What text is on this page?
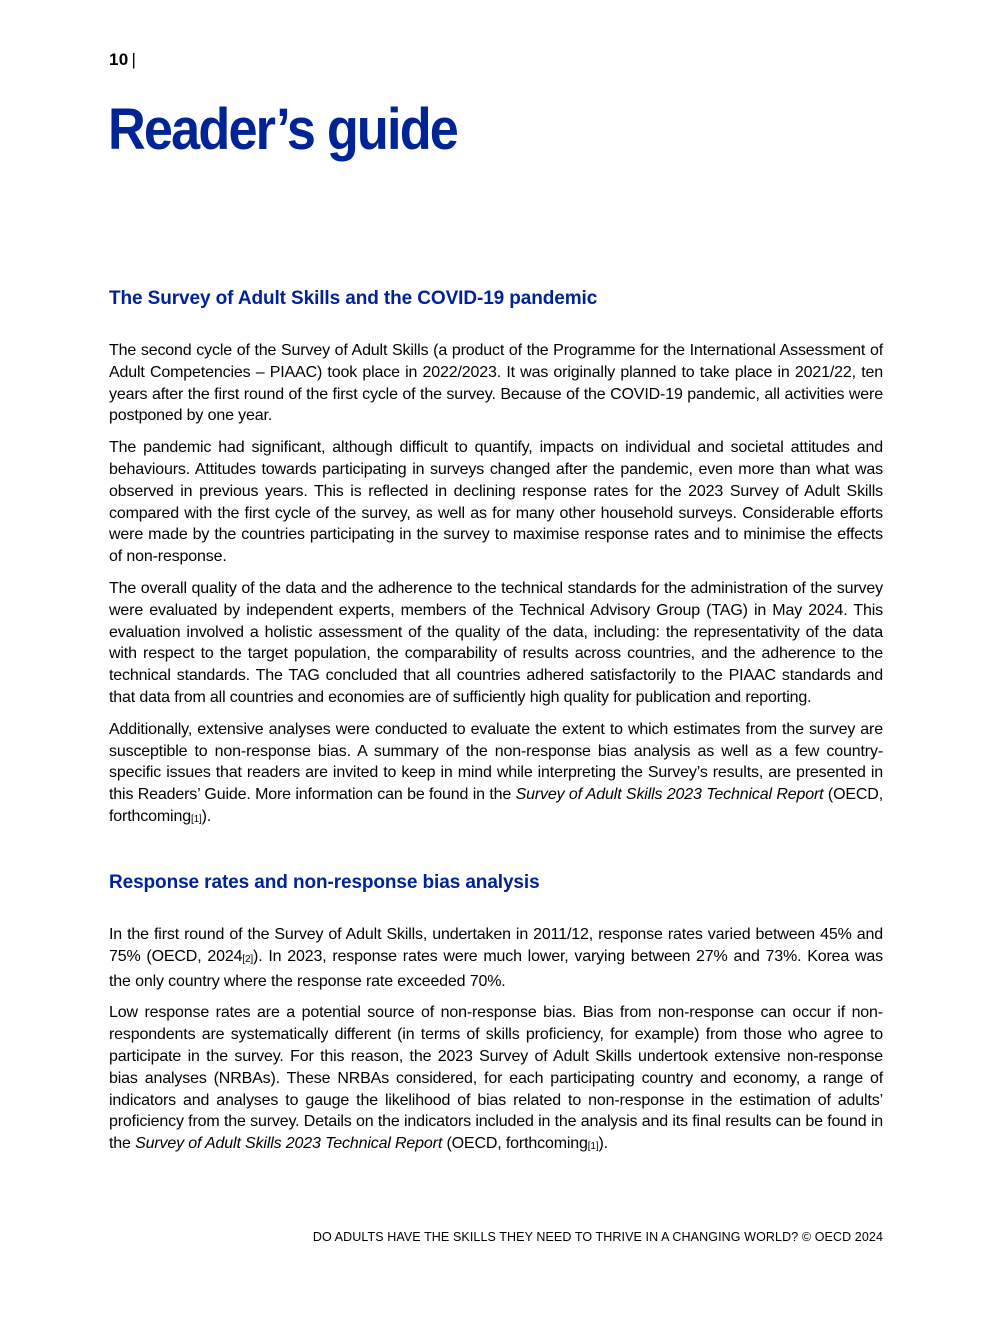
10 |
Reader’s guide
The Survey of Adult Skills and the COVID-19 pandemic

The second cycle of the Survey of Adult Skills (a product of the Programme for the International Assessment of Adult Competencies – PIAAC) took place in 2022/2023. It was originally planned to take place in 2021/22, ten years after the first round of the first cycle of the survey. Because of the COVID-19 pandemic, all activities were postponed by one year.

The pandemic had significant, although difficult to quantify, impacts on individual and societal attitudes and behaviours. Attitudes towards participating in surveys changed after the pandemic, even more than what was observed in previous years. This is reflected in declining response rates for the 2023 Survey of Adult Skills compared with the first cycle of the survey, as well as for many other household surveys. Considerable efforts were made by the countries participating in the survey to maximise response rates and to minimise the effects of non-response.

The overall quality of the data and the adherence to the technical standards for the administration of the survey were evaluated by independent experts, members of the Technical Advisory Group (TAG) in May 2024. This evaluation involved a holistic assessment of the quality of the data, including: the representativity of the data with respect to the target population, the comparability of results across countries, and the adherence to the technical standards. The TAG concluded that all countries adhered satisfactorily to the PIAAC standards and that data from all countries and economies are of sufficiently high quality for publication and reporting.

Additionally, extensive analyses were conducted to evaluate the extent to which estimates from the survey are susceptible to non-response bias. A summary of the non-response bias analysis as well as a few country-specific issues that readers are invited to keep in mind while interpreting the Survey’s results, are presented in this Readers’ Guide. More information can be found in the Survey of Adult Skills 2023 Technical Report (OECD, forthcoming[1]).

Response rates and non-response bias analysis

In the first round of the Survey of Adult Skills, undertaken in 2011/12, response rates varied between 45% and 75% (OECD, 2024[2]). In 2023, response rates were much lower, varying between 27% and 73%. Korea was the only country where the response rate exceeded 70%.

Low response rates are a potential source of non-response bias. Bias from non-response can occur if non-respondents are systematically different (in terms of skills proficiency, for example) from those who agree to participate in the survey. For this reason, the 2023 Survey of Adult Skills undertook extensive non-response bias analyses (NRBAs). These NRBAs considered, for each participating country and economy, a range of indicators and analyses to gauge the likelihood of bias related to non-response in the estimation of adults’ proficiency from the survey. Details on the indicators included in the analysis and its final results can be found in the Survey of Adult Skills 2023 Technical Report (OECD, forthcoming[1]).

DO ADULTS HAVE THE SKILLS THEY NEED TO THRIVE IN A CHANGING WORLD? © OECD 2024
